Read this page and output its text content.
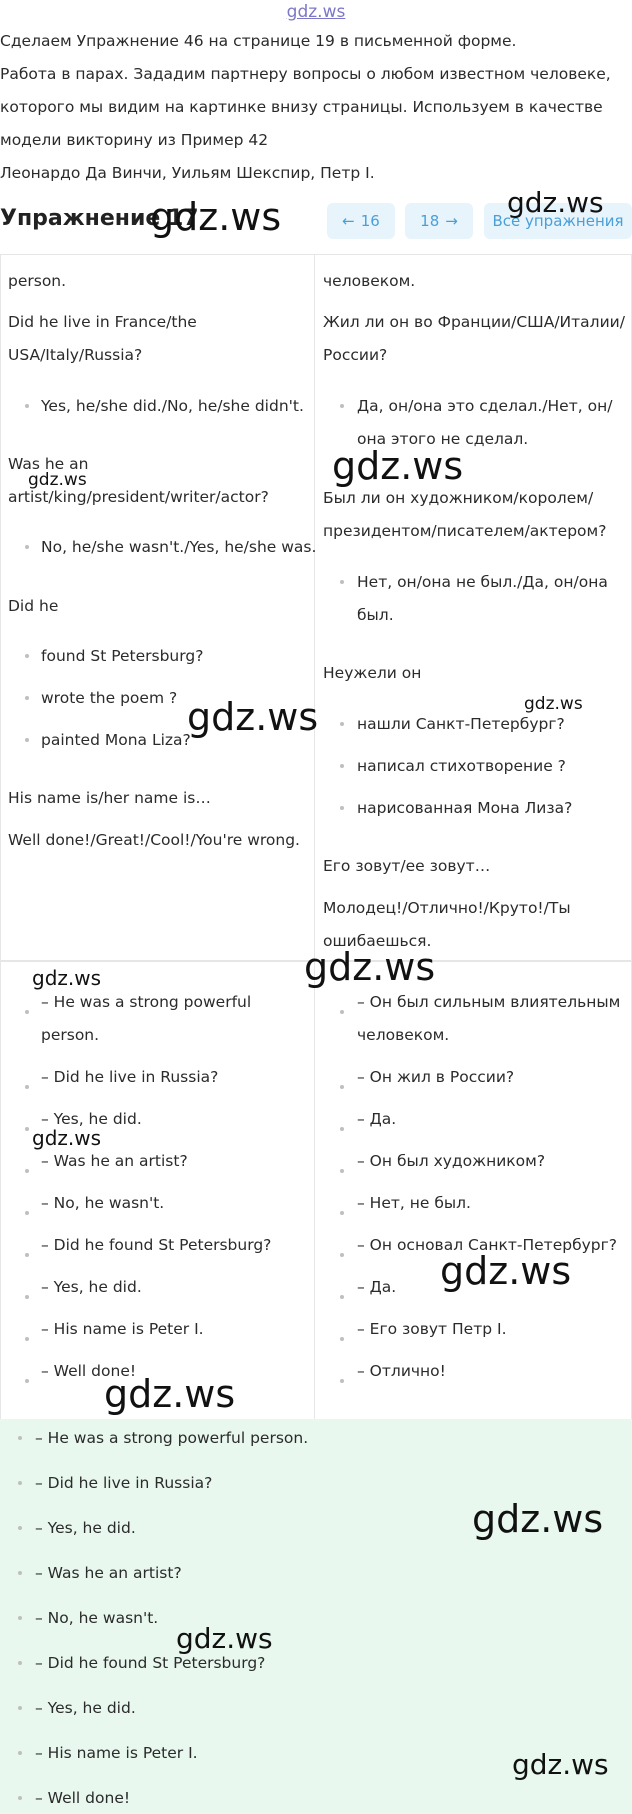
gdz.ws
Сделаем Упражнение 46 на странице 19 в письменной форме.
Работа в парах. Зададим партнеру вопросы о любом известном человеке,
которого мы видим на картинке внизу страницы. Используем в качестве
модели викторину из Пример 42
Леонардо Да Винчи, Уильям Шекспир, Петр I.
Упражнение 17	← 16	18 → Все упражнения
person.
Did he live in France/the
USA/Italy/Russia?
Yes, he/she did./No, he/she didn't.
Was he an
artist/king/president/writer/actor?
No, he/she wasn't./Yes, he/she was.
Did he
found St Petersburg?
wrote the poem ?
painted Mona Liza?
His name is/her name is…
Well done!/Great!/Cool!/You're wrong.
человеком.
Жил ли он во Франции/США/Италии/
России?
Да, он/она это сделал./Нет, он/
она этого не сделал.
Был ли он художником/королем/
президентом/писателем/актером?
Нет, он/она не был./Да, он/она
был.
Неужели он
нашли Санкт-Петербург?
написал стихотворение ?
нарисованная Мона Лиза?
Его зовут/ее зовут…
Молодец!/Отлично!/Круто!/Ты
ошибаешься.
– He was a strong powerful
person.
– Did he live in Russia?
– Yes, he did.
– Was he an artist?
– No, he wasn't.
– Did he found St Petersburg?
– Yes, he did.
– His name is Peter I.
– Well done!
– Он был сильным влиятельным
человеком.
– Он жил в России?
– Да.
– Он был художником?
– Нет, не был.
– Он основал Санкт-Петербург?
– Да.
– Его зовут Петр I.
– Отлично!
– He was a strong powerful person.
– Did he live in Russia?
– Yes, he did.
– Was he an artist?
– No, he wasn't.
– Did he found St Petersburg?
– Yes, he did.
– His name is Peter I.
– Well done!
gdz.ws	gdz.ws
gdz.ws
gdz.ws
gdz.ws	gdz.ws
gdz.ws
gdz.ws
gdz.ws
gdz.ws
gdz.ws
gdz.ws
gdz.ws
gdz.ws
